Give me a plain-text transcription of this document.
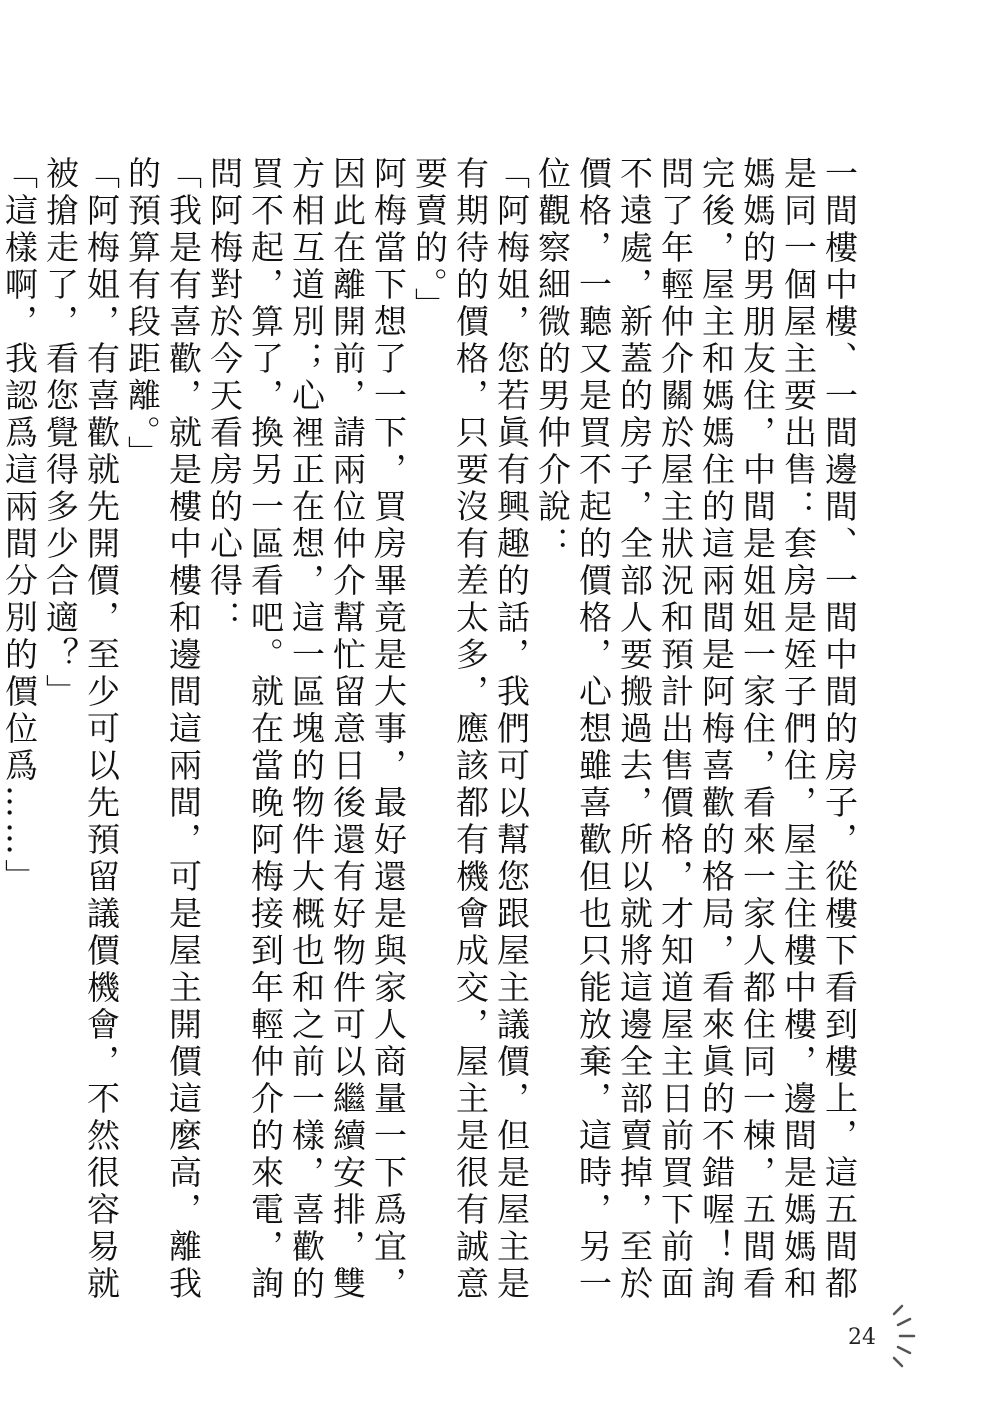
一間樓中樓、一間邊間、一間中間的房子，從樓下看到樓上，這五間都是同一個屋主要出售：套房是姪子們住，屋主住樓中樓，邊間是媽媽和媽媽的男朋友住，中間是姐姐一家住，看來一家人都住同一棟，五間看完後，屋主和媽媽住的這兩間是阿梅喜歡的格局，看來眞的不錯喔！詢問了年輕仲介關於屋主狀況和預計出售價格，才知道屋主日前買下前面不遠處，新蓋的房子，全部人要搬過去，所以就將這邊全部賣掉，至於價格，一聽又是買不起的價格，心想雖喜歡但也只能放棄，這時，另一位觀察細微的男仲介說：

「阿梅姐，您若眞有興趣的話，我們可以幫您跟屋主議價，但是屋主是有期待的價格，只要沒有差太多，應該都有機會成交，屋主是很有誠意要賣的。」

阿梅當下想了一下，買房畢竟是大事，最好還是與家人商量一下爲宜，因此在離開前，請兩位仲介幫忙留意日後還有好物件可以繼續安排，雙方相互道別；心裡正在想，這一區塊的物件大概也和之前一樣，喜歡的買不起，算了，換另一區看吧。就在當晚阿梅接到年輕仲介的來電，詢問阿梅對於今天看房的心得：

「我是有喜歡，就是樓中樓和邊間這兩間，可是屋主開價這麼高，離我的預算有段距離。」

「阿梅姐，有喜歡就先開價，至少可以先預留議價機會，不然很容易就被搶走了，看您覺得多少合適？」

「這樣啊，我認爲這兩間分別的價位爲……」

24
